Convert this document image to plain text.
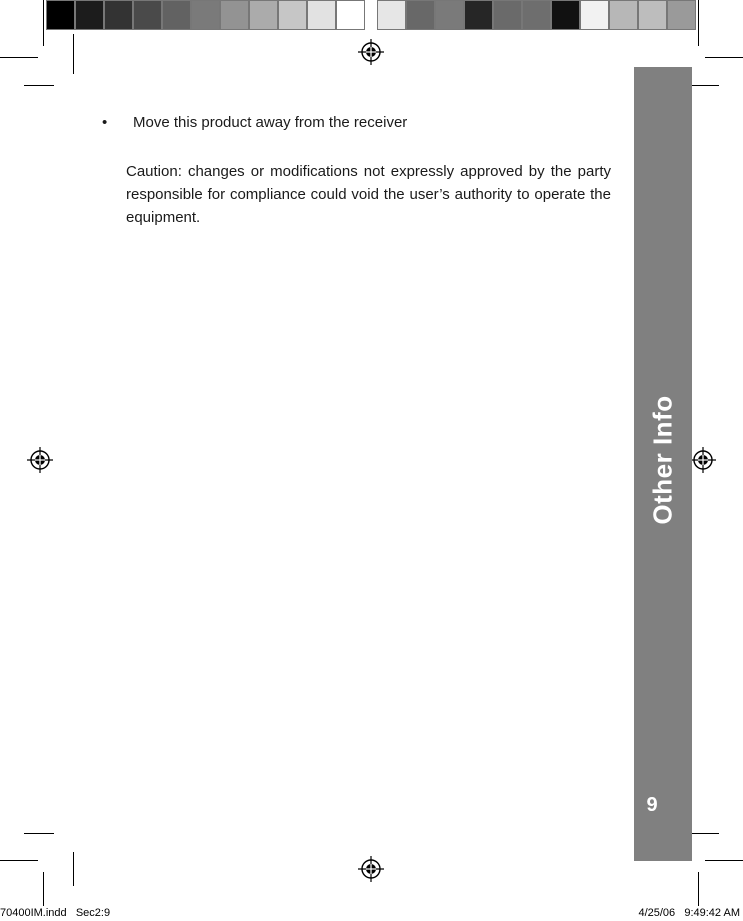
• Move this product away from the receiver

Caution: changes or modifications not expressly approved by the party responsible for compliance could void the user’s authority to operate the equipment.

Other Info
9
70400IM.indd   Sec2:9	4/25/06   9:49:42 AM
